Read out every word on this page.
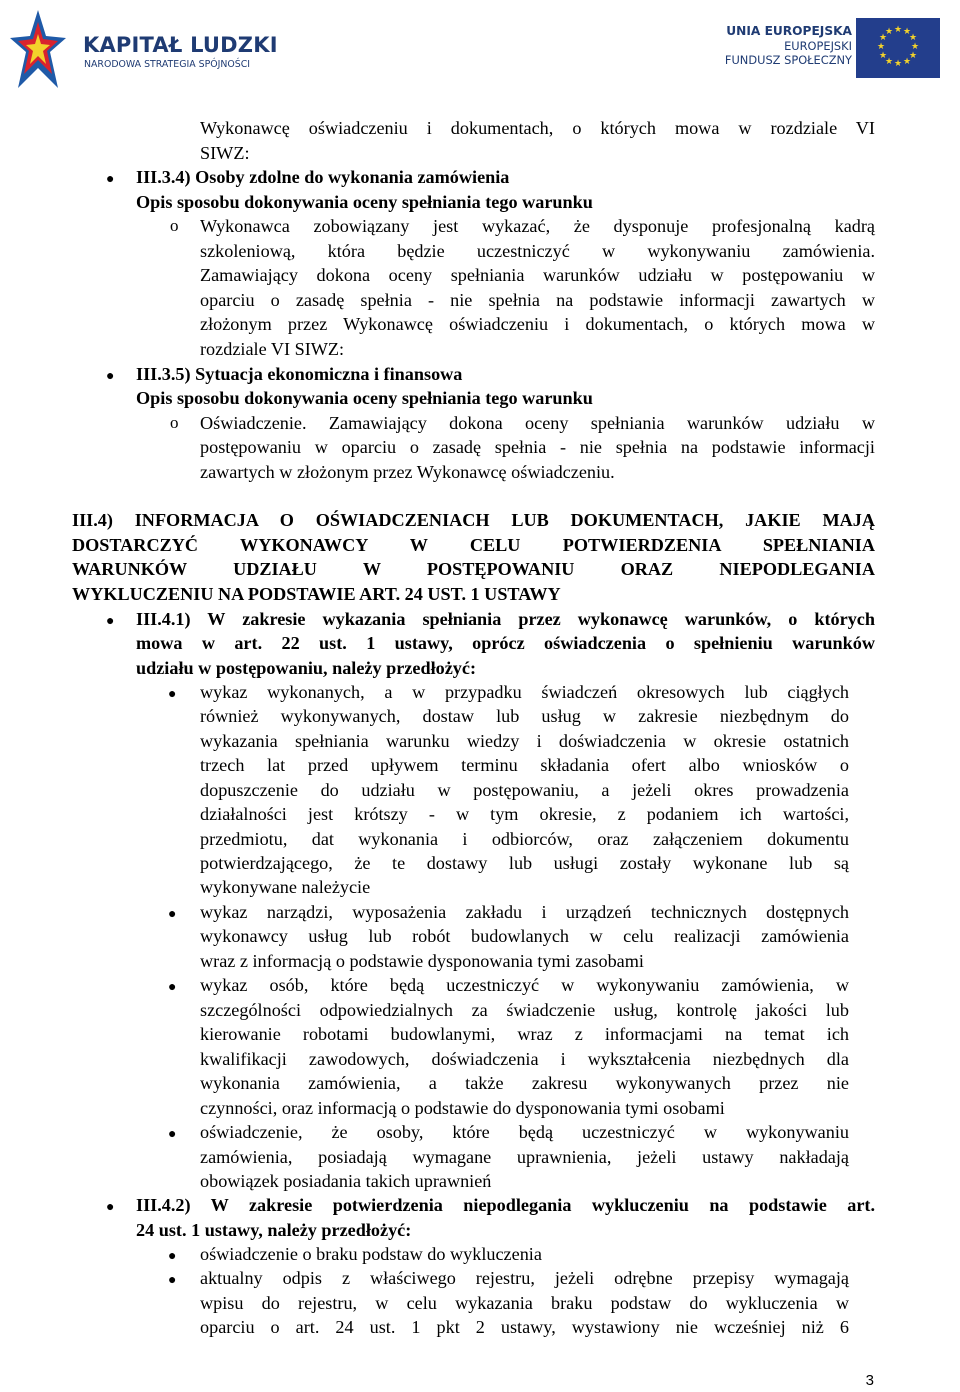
KAPITAŁ LUDZKI
NARODOWA STRATEGIA SPÓJNOŚCI
UNIA EUROPEJSKA
EUROPEJSKI
FUNDUSZ SPOŁECZNY
★ ★
★
★
★
★
★
★
★
★
★
★
Wykonawcę oświadczeniu i dokumentach, o których mowa w rozdziale VI
SIWZ:
● III.3.4) Osoby zdolne do wykonania zamówienia
Opis sposobu dokonywania oceny spełniania tego warunku
o Wykonawca zobowiązany jest wykazać, że dysponuje profesjonalną kadrą
szkoleniową, która będzie uczestniczyć w wykonywaniu zamówienia.
Zamawiający dokona oceny spełniania warunków udziału w postępowaniu w
oparciu o zasadę spełnia - nie spełnia na podstawie informacji zawartych w
złożonym przez Wykonawcę oświadczeniu i dokumentach, o których mowa w
rozdziale VI SIWZ:
● III.3.5) Sytuacja ekonomiczna i finansowa
Opis sposobu dokonywania oceny spełniania tego warunku
o Oświadczenie. Zamawiający dokona oceny spełniania warunków udziału w
postępowaniu w oparciu o zasadę spełnia - nie spełnia na podstawie informacji
zawartych w złożonym przez Wykonawcę oświadczeniu.
III.4) INFORMACJA O OŚWIADCZENIACH LUB DOKUMENTACH, JAKIE MAJĄ
DOSTARCZYĆ WYKONAWCY W CELU POTWIERDZENIA SPEŁNIANIA
WARUNKÓW UDZIAŁU W POSTĘPOWANIU ORAZ NIEPODLEGANIA
WYKLUCZENIU NA PODSTAWIE ART. 24 UST. 1 USTAWY
● III.4.1) W zakresie wykazania spełniania przez wykonawcę warunków, o których
mowa w art. 22 ust. 1 ustawy, oprócz oświadczenia o spełnieniu warunków
udziału w postępowaniu, należy przedłożyć:
● wykaz wykonanych, a w przypadku świadczeń okresowych lub ciągłych
również wykonywanych, dostaw lub usług w zakresie niezbędnym do
wykazania spełniania warunku wiedzy i doświadczenia w okresie ostatnich
trzech lat przed upływem terminu składania ofert albo wniosków o
dopuszczenie do udziału w postępowaniu, a jeżeli okres prowadzenia
działalności jest krótszy - w tym okresie, z podaniem ich wartości,
przedmiotu, dat wykonania i odbiorców, oraz załączeniem dokumentu
potwierdzającego, że te dostawy lub usługi zostały wykonane lub są
wykonywane należycie
● wykaz narządzi, wyposażenia zakładu i urządzeń technicznych dostępnych
wykonawcy usług lub robót budowlanych w celu realizacji zamówienia
wraz z informacją o podstawie dysponowania tymi zasobami
● wykaz osób, które będą uczestniczyć w wykonywaniu zamówienia, w
szczególności odpowiedzialnych za świadczenie usług, kontrolę jakości lub
kierowanie robotami budowlanymi, wraz z informacjami na temat ich
kwalifikacji zawodowych, doświadczenia i wykształcenia niezbędnych dla
wykonania zamówienia, a także zakresu wykonywanych przez nie
czynności, oraz informacją o podstawie do dysponowania tymi osobami
● oświadczenie, że osoby, które będą uczestniczyć w wykonywaniu
zamówienia, posiadają wymagane uprawnienia, jeżeli ustawy nakładają
obowiązek posiadania takich uprawnień
● III.4.2) W zakresie potwierdzenia niepodlegania wykluczeniu na podstawie art.
24 ust. 1 ustawy, należy przedłożyć:
● oświadczenie o braku podstaw do wykluczenia
● aktualny odpis z właściwego rejestru, jeżeli odrębne przepisy wymagają
wpisu do rejestru, w celu wykazania braku podstaw do wykluczenia w
oparciu o art. 24 ust. 1 pkt 2 ustawy, wystawiony nie wcześniej niż 6
3
